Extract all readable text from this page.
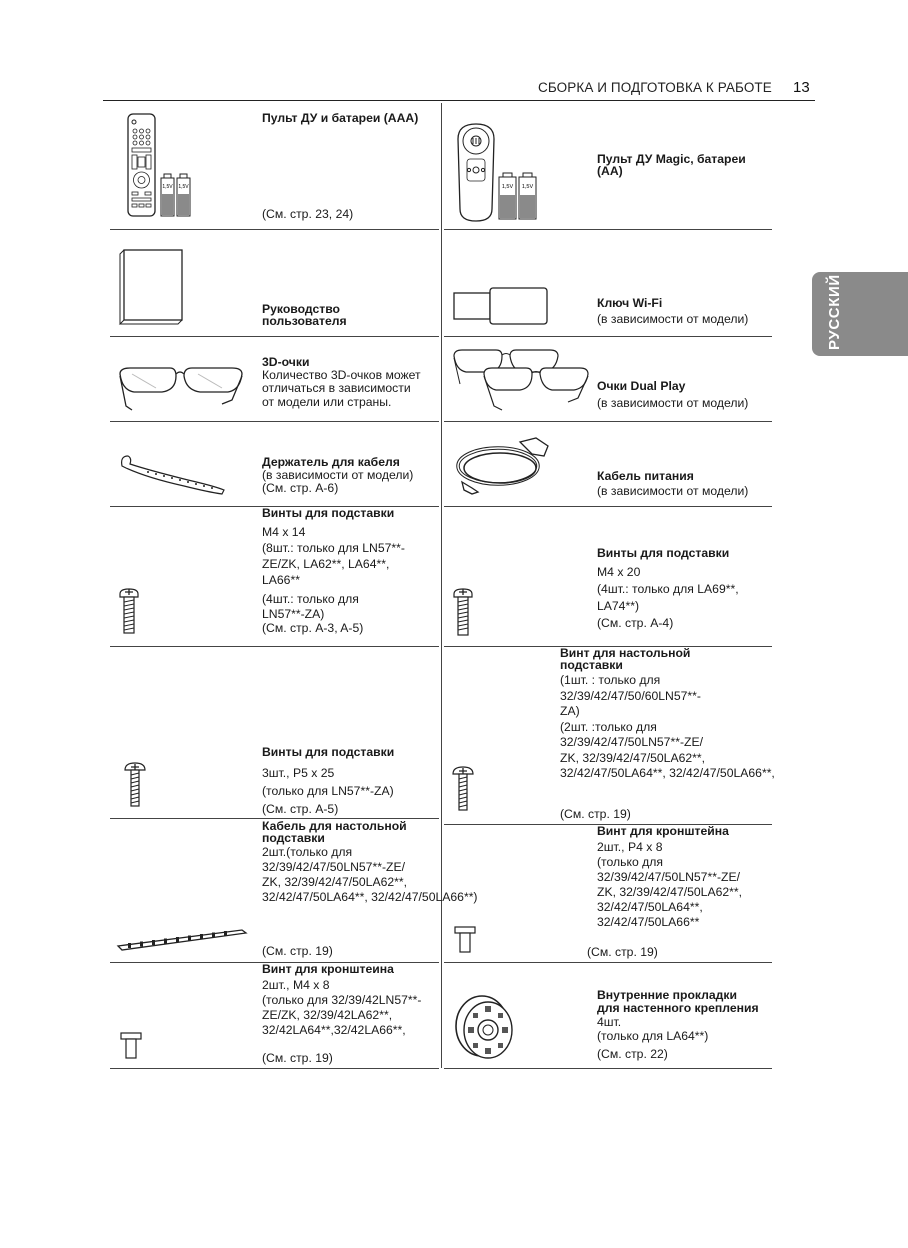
СБОРКА И ПОДГОТОВКА К РАБОТЕ 13
РУССКИЙ
1,5V 1,5V
Пульт ДУ и батареи (AAA)
(См. стр. 23, 24)
1,5V 1,5V
Пульт ДУ Magic, батареи
(AA)
Руководство
пользователя
Ключ Wi-Fi
(в зависимости от модели)
3D-очки
Количество 3D-очков может
отличаться в зависимости
от модели или страны.
Очки Dual Play
(в зависимости от модели)
Держатель для кабеля
(в зависимости от модели)
(См. стр. A-6)
Кабель питания
(в зависимости от модели)
Винты для подставки
M4 x 14
(8шт.: только для LN57**-
ZE/ZK, LA62**, LA64**,
LA66**
(4шт.: только для
LN57**-ZA)
(См. стр. A-3, A-5)
Винты для подставки
M4 x 20
(4шт.: только для LA69**,
LA74**)
(См. стр. A-4)
Винты для подставки
3шт., P5 x 25
(только для LN57**-ZA)
(См. стр. A-5)
Винт для настольной
подставки
(1шт. : только для
32/39/42/47/50/60LN57**-
ZA)
(2шт. :только для
32/39/42/47/50LN57**-ZE/
ZK, 32/39/42/47/50LA62**,
32/42/47/50LA64**, 32/42/47/50LA66**,
(См. стр. 19)
Кабель для настольной
подставки
2шт.(только для
32/39/42/47/50LN57**-ZE/
ZK, 32/39/42/47/50LA62**,
32/42/47/50LA64**, 32/42/47/50LA66**)
(См. стр. 19)
Винт для кронштейна
2шт., P4 x 8
(только для
32/39/42/47/50LN57**-ZE/
ZK, 32/39/42/47/50LA62**,
32/42/47/50LA64**,
32/42/47/50LA66**
(См. стр. 19)
Винт для кронштеина
2шт., M4 x 8
(только для 32/39/42LN57**-
ZE/ZK, 32/39/42LA62**,
32/42LA64**,32/42LA66**,
(См. стр. 19)
Внутренние прокладки
для настенного крепления
4шт.
(только для LA64**)
(См. стр. 22)
